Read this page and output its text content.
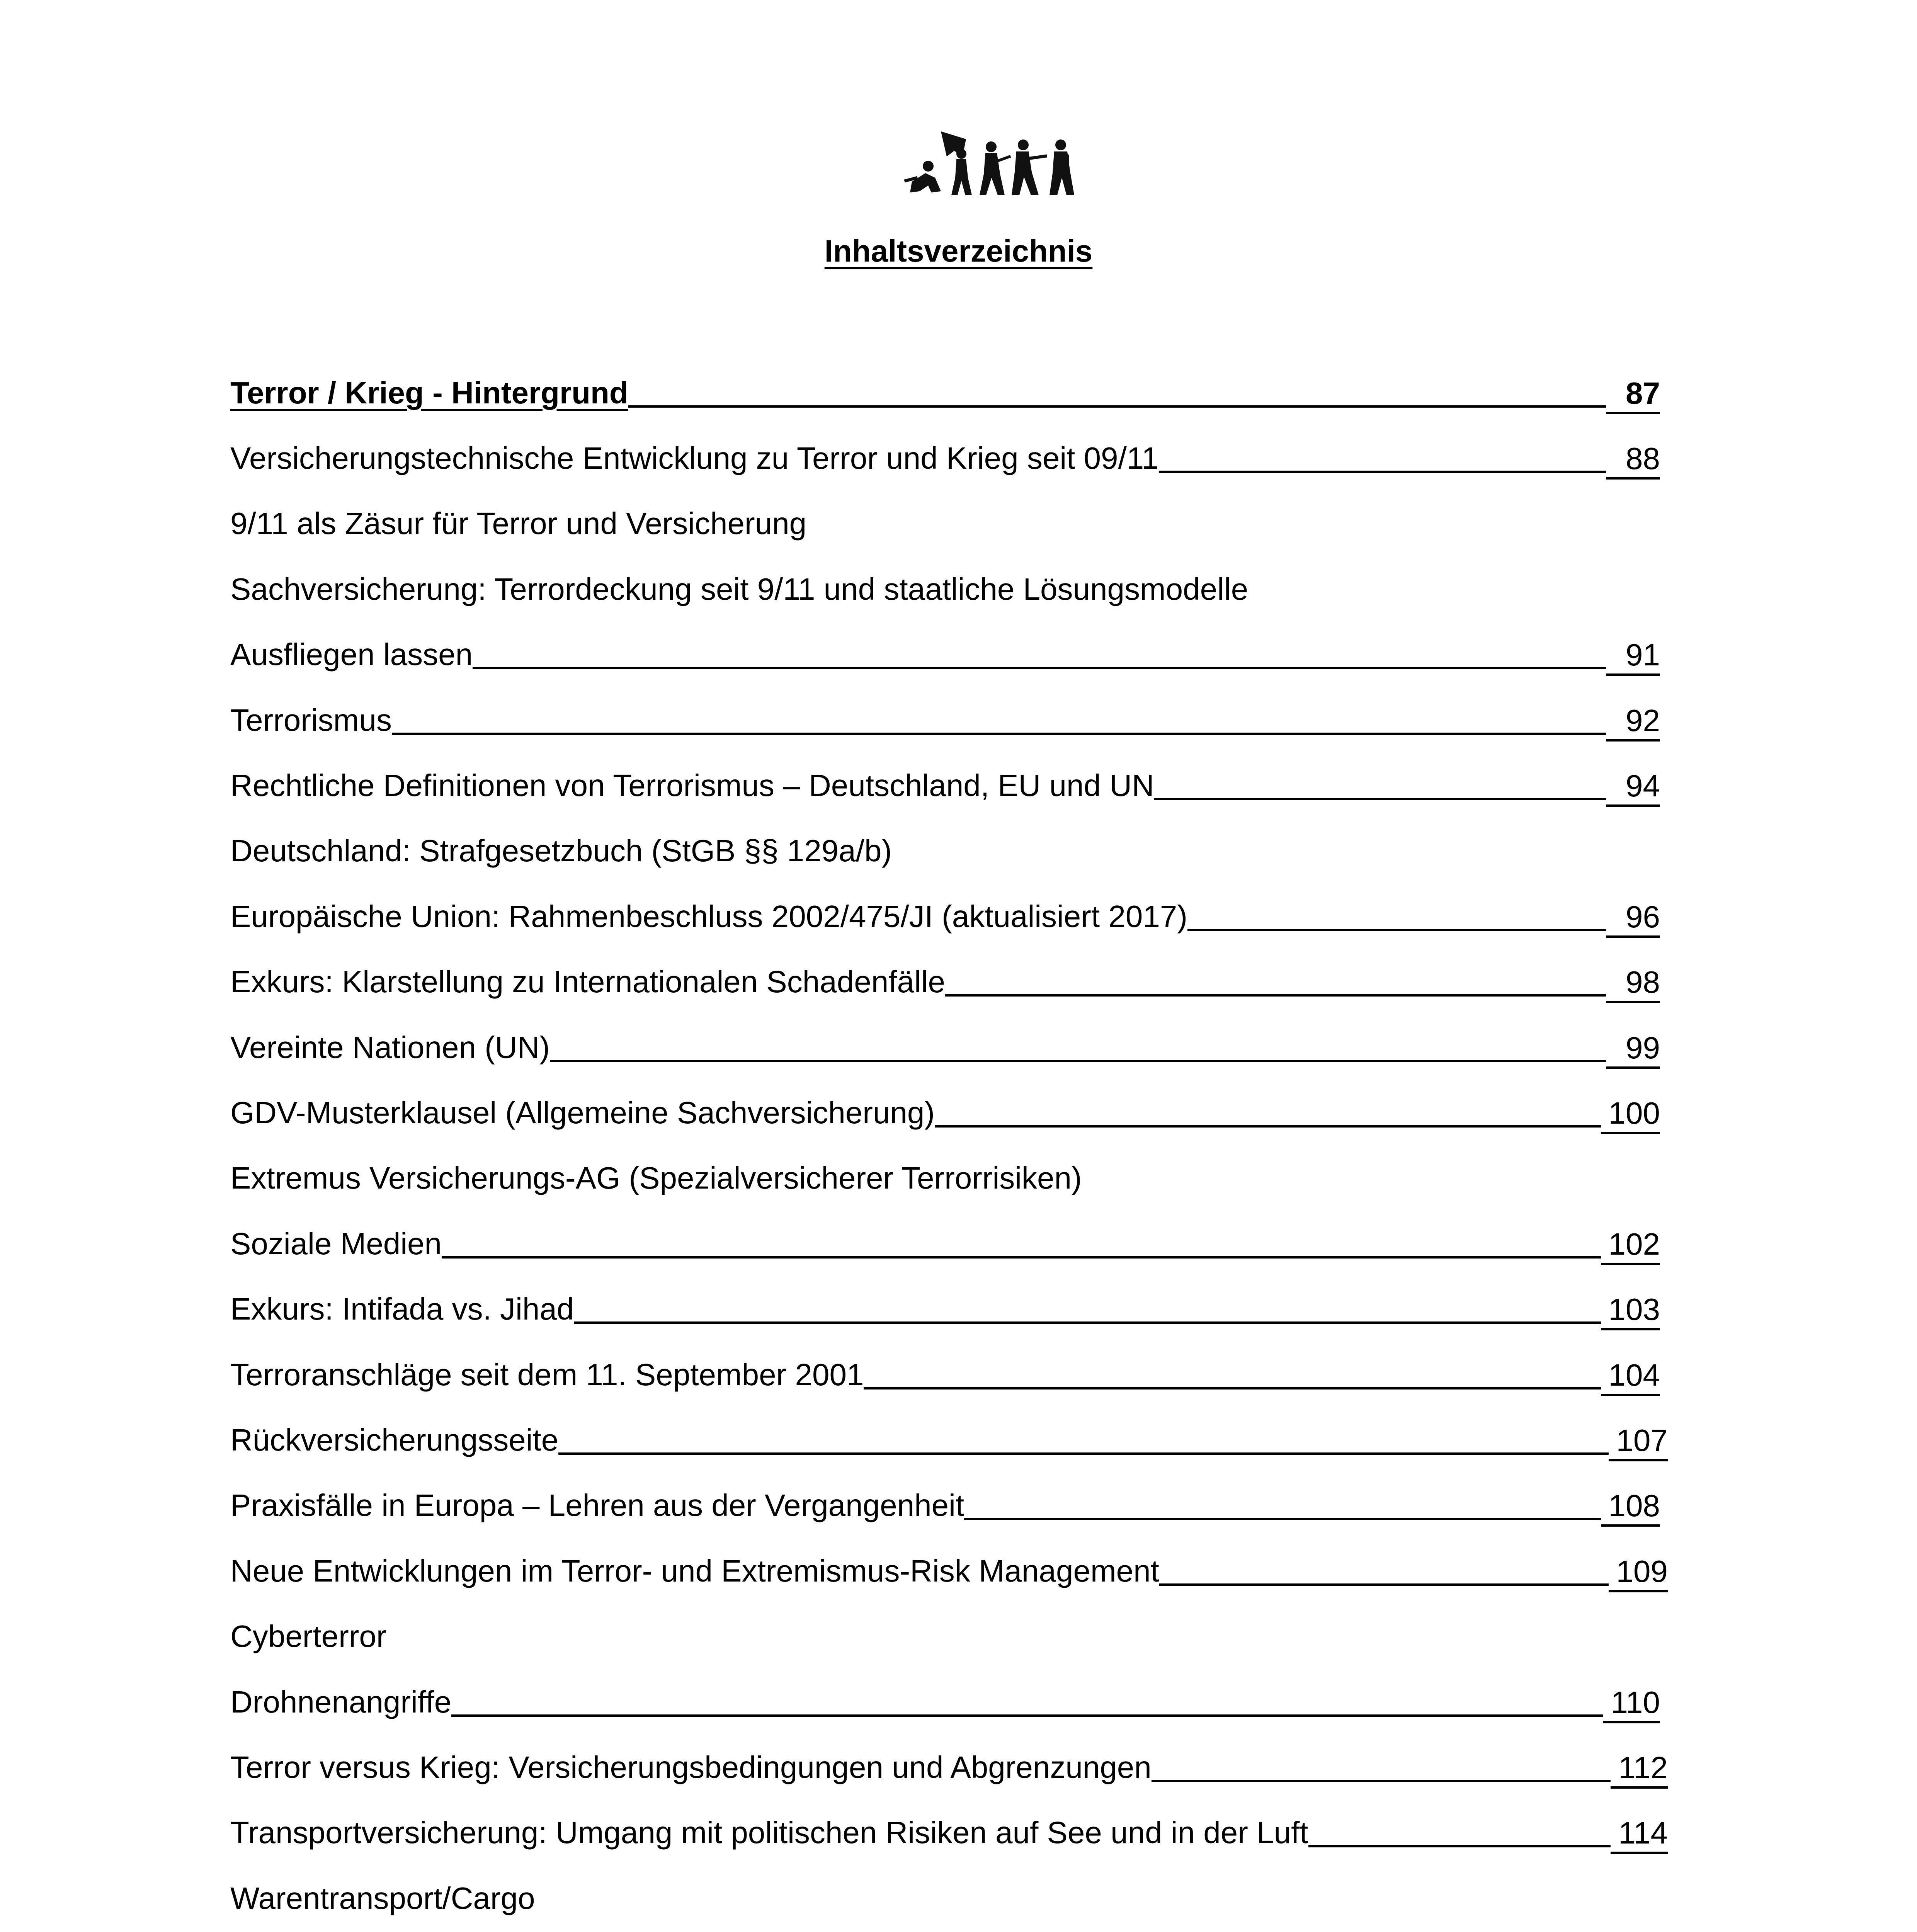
Inhaltsverzeichnis
Terror / Krieg - Hintergrund	87
Versicherungstechnische Entwicklung zu Terror und Krieg seit 09/11	88
9/11 als Zäsur für Terror und Versicherung
Sachversicherung: Terrordeckung seit 9/11 und staatliche Lösungsmodelle
Ausfliegen lassen	91
Terrorismus	92
Rechtliche Definitionen von Terrorismus – Deutschland, EU und UN	94
Deutschland: Strafgesetzbuch (StGB §§ 129a/b)
Europäische Union: Rahmenbeschluss 2002/475/JI (aktualisiert 2017)	96
Exkurs: Klarstellung zu Internationalen Schadenfälle	98
Vereinte Nationen (UN)	99
GDV-Musterklausel (Allgemeine Sachversicherung)	100
Extremus Versicherungs-AG (Spezialversicherer Terrorrisiken)
Soziale Medien	102
Exkurs: Intifada vs. Jihad	103
Terroranschläge seit dem 11. September 2001	104
Rückversicherungsseite	107
Praxisfälle in Europa – Lehren aus der Vergangenheit	108
Neue Entwicklungen im Terror- und Extremismus-Risk Management	109
Cyberterror
Drohnenangriffe	110
Terror versus Krieg: Versicherungsbedingungen und Abgrenzungen	112
Transportversicherung: Umgang mit politischen Risiken auf See und in der Luft	114
Warentransport/Cargo
